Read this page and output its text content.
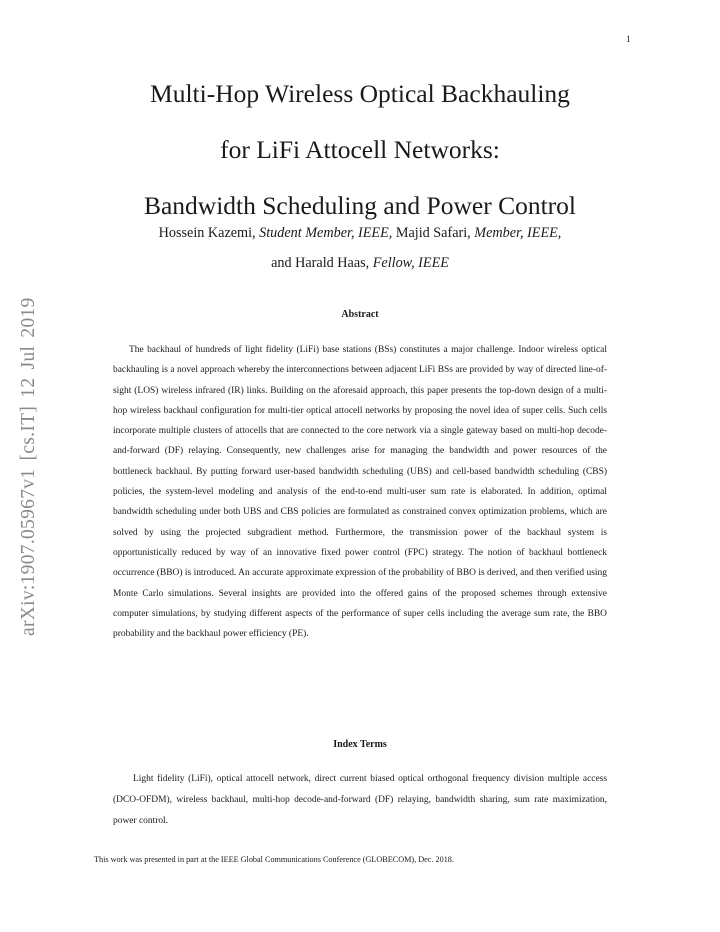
1
arXiv:1907.05967v1 [cs.IT] 12 Jul 2019
Multi-Hop Wireless Optical Backhauling
for LiFi Attocell Networks:
Bandwidth Scheduling and Power Control
Hossein Kazemi, Student Member, IEEE, Majid Safari, Member, IEEE,
and Harald Haas, Fellow, IEEE
Abstract

The backhaul of hundreds of light fidelity (LiFi) base stations (BSs) constitutes a major challenge. Indoor wireless optical backhauling is a novel approach whereby the interconnections between adjacent LiFi BSs are provided by way of directed line-of-sight (LOS) wireless infrared (IR) links. Building on the aforesaid approach, this paper presents the top-down design of a multi-hop wireless backhaul configuration for multi-tier optical attocell networks by proposing the novel idea of super cells. Such cells incorporate multiple clusters of attocells that are connected to the core network via a single gateway based on multi-hop decode-and-forward (DF) relaying. Consequently, new challenges arise for managing the bandwidth and power resources of the bottleneck backhaul. By putting forward user-based bandwidth scheduling (UBS) and cell-based bandwidth scheduling (CBS) policies, the system-level modeling and analysis of the end-to-end multi-user sum rate is elaborated. In addition, optimal bandwidth scheduling under both UBS and CBS policies are formulated as constrained convex optimization problems, which are solved by using the projected subgradient method. Furthermore, the transmission power of the backhaul system is opportunistically reduced by way of an innovative fixed power control (FPC) strategy. The notion of backhaul bottleneck occurrence (BBO) is introduced. An accurate approximate expression of the probability of BBO is derived, and then verified using Monte Carlo simulations. Several insights are provided into the offered gains of the proposed schemes through extensive computer simulations, by studying different aspects of the performance of super cells including the average sum rate, the BBO probability and the backhaul power efficiency (PE).

Index Terms

Light fidelity (LiFi), optical attocell network, direct current biased optical orthogonal frequency division multiple access (DCO-OFDM), wireless backhaul, multi-hop decode-and-forward (DF) relaying, bandwidth sharing, sum rate maximization, power control.

This work was presented in part at the IEEE Global Communications Conference (GLOBECOM), Dec. 2018.
